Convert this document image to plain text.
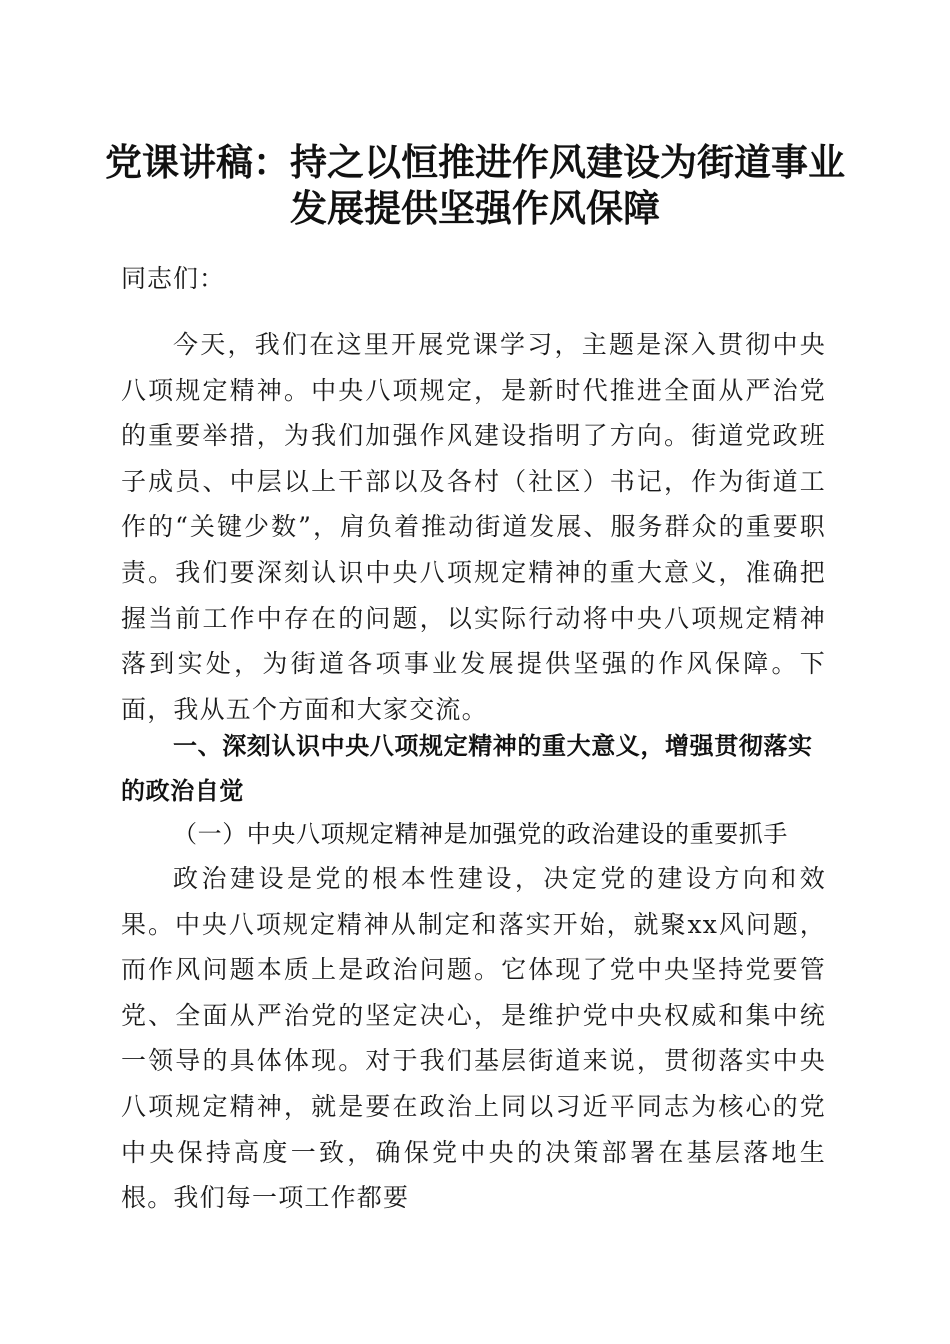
党课讲稿：持之以恒推进作风建设为街道事业
发展提供坚强作风保障

同志们：

今天，我们在这里开展党课学习，主题是深入贯彻中央八项规定精神。中央八项规定，是新时代推进全面从严治党的重要举措，为我们加强作风建设指明了方向。街道党政班子成员、中层以上干部以及各村（社区）书记，作为街道工作的“关键少数”，肩负着推动街道发展、服务群众的重要职责。我们要深刻认识中央八项规定精神的重大意义，准确把握当前工作中存在的问题，以实际行动将中央八项规定精神落到实处，为街道各项事业发展提供坚强的作风保障。下面，我从五个方面和大家交流。

一、深刻认识中央八项规定精神的重大意义，增强贯彻落实的政治自觉

（一）中央八项规定精神是加强党的政治建设的重要抓手

政治建设是党的根本性建设，决定党的建设方向和效果。中央八项规定精神从制定和落实开始，就聚xx风问题，而作风问题本质上是政治问题。它体现了党中央坚持党要管党、全面从严治党的坚定决心，是维护党中央权威和集中统一领导的具体体现。对于我们基层街道来说，贯彻落实中央八项规定精神，就是要在政治上同以习近平同志为核心的党中央保持高度一致，确保党中央的决策部署在基层落地生根。我们每一项工作都要
